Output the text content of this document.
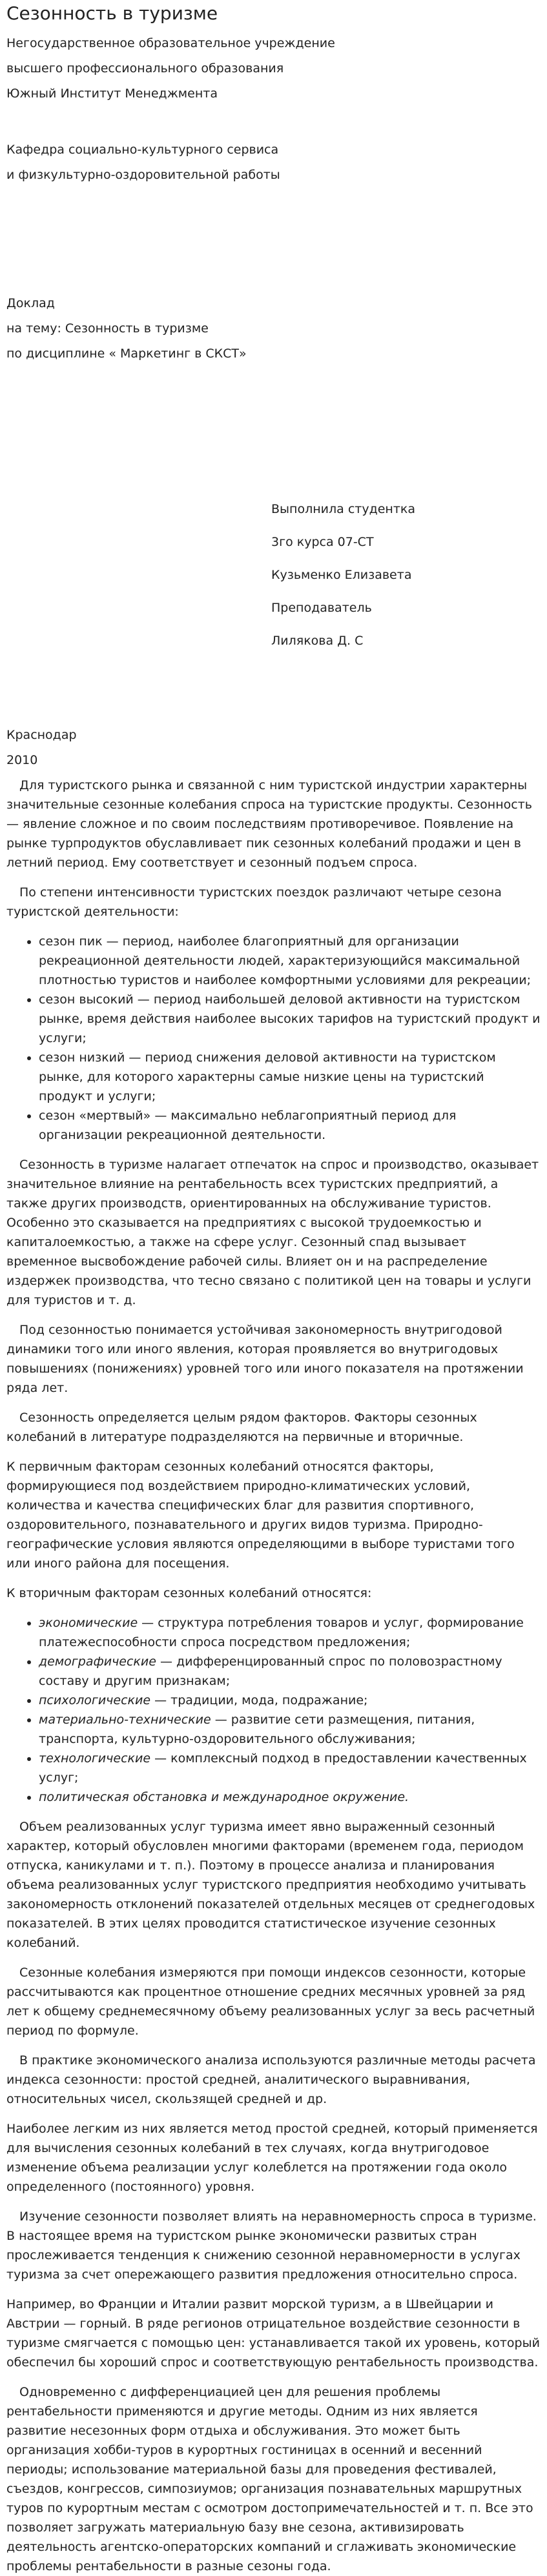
Сезонность в туризме
Негосударственное образовательное учреждение
высшего профессионального образования
Южный Институт Менеджмента
Кафедра социально-культурного сервиса
и физкультурно-оздоровительной работы
Доклад
на тему: Сезонность в туризме
по дисциплине « Маркетинг в СКСТ»
Выполнила студентка
3го курса 07-СТ
Кузьменко Елизавета
Преподаватель
Лилякова Д. С
Краснодар
2010

Для туристского рынка и связанной с ним туристской индустрии характерны значительные сезонные колебания спроса на туристские продукты. Сезонность — явление сложное и по своим последствиям противоречивое. Появление на рынке турпродуктов обуславливает пик сезонных колебаний продажи и цен в летний период. Ему соответствует и сезонный подъем спроса.

По степени интенсивности туристских поездок различают четыре сезона туристской деятельности:

• сезон пик — период, наиболее благоприятный для организации рекреационной деятельности людей, характеризующийся максимальной плотностью туристов и наиболее комфортными условиями для рекреации;
• сезон высокий — период наибольшей деловой активности на туристском рынке, время действия наиболее высоких тарифов на туристский продукт и услуги;
• сезон низкий — период снижения деловой активности на туристском рынке, для которого характерны самые низкие цены на туристский продукт и услуги;
• сезон «мертвый» — максимально неблагоприятный период для организации рекреационной деятельности.

Сезонность в туризме налагает отпечаток на спрос и производство, оказывает значительное влияние на рентабельность всех туристских предприятий, а также других производств, ориентированных на обслуживание туристов. Особенно это сказывается на предприятиях с высокой трудоемкостью и капиталоемкостью, а также на сфере услуг. Сезонный спад вызывает временное высвобождение рабочей силы. Влияет он и на распределение издержек производства, что тесно связано с политикой цен на товары и услуги для туристов и т. д.

Под сезонностью понимается устойчивая закономерность внутригодовой динамики того или иного явления, которая проявляется во внутригодовых повышениях (понижениях) уровней того или иного показателя на протяжении ряда лет.

Сезонность определяется целым рядом факторов. Факторы сезонных колебаний в литературе подразделяются на первичные и вторичные.

К первичным факторам сезонных колебаний относятся факторы, формирующиеся под воздействием природно-климатических условий, количества и качества специфических благ для развития спортивного, оздоровительного, познавательного и других видов туризма. Природно-географические условия являются определяющими в выборе туристами того или иного района для посещения.

К вторичным факторам сезонных колебаний относятся:

• экономические — структура потребления товаров и услуг, формирование платежеспособности спроса посредством предложения;
• демографические — дифференцированный спрос по половозрастному составу и другим признакам;
• психологические — традиции, мода, подражание;
• материально-технические — развитие сети размещения, питания, транспорта, культурно-оздоровительного обслуживания;
• технологические — комплексный подход в предоставлении качественных услуг;
• политическая обстановка и международное окружение.

Объем реализованных услуг туризма имеет явно выраженный сезонный характер, который обусловлен многими факторами (временем года, периодом отпуска, каникулами и т. п.). Поэтому в процессе анализа и планирования объема реализованных услуг туристского предприятия необходимо учитывать закономерность отклонений показателей отдельных месяцев от среднегодовых показателей. В этих целях проводится статистическое изучение сезонных колебаний.

Сезонные колебания измеряются при помощи индексов сезонности, которые рассчитываются как процентное отношение средних месячных уровней за ряд лет к общему среднемесячному объему реализованных услуг за весь расчетный период по формуле.

В практике экономического анализа используются различные методы расчета индекса сезонности: простой средней, аналитического выравнивания, относительных чисел, скользящей средней и др.

Наиболее легким из них является метод простой средней, который применяется для вычисления сезонных колебаний в тех случаях, когда внутригодовое изменение объема реализации услуг колеблется на протяжении года около определенного (постоянного) уровня.

Изучение сезонности позволяет влиять на неравномерность спроса в туризме. В настоящее время на туристском рынке экономически развитых стран прослеживается тенденция к снижению сезонной неравномерности в услугах туризма за счет опережающего развития предложения относительно спроса.

Например, во Франции и Италии развит морской туризм, а в Швейцарии и Австрии — горный. В ряде регионов отрицательное воздействие сезонности в туризме смягчается с помощью цен: устанавливается такой их уровень, который обеспечил бы хороший спрос и соответствующую рентабельность производства.

Одновременно с дифференциацией цен для решения проблемы рентабельности применяются и другие методы. Одним из них является развитие несезонных форм отдыха и обслуживания. Это может быть организация хобби-туров в курортных гостиницах в осенний и весенний периоды; использование материальной базы для проведения фестивалей, съездов, конгрессов, симпозиумов; организация познавательных маршрутных туров по курортным местам с осмотром достопримечательностей и т. п. Все это позволяет загружать материальную базу вне сезона, активизировать деятельность агентско-операторских компаний и сглаживать экономические проблемы рентабельности в разные сезоны года.
